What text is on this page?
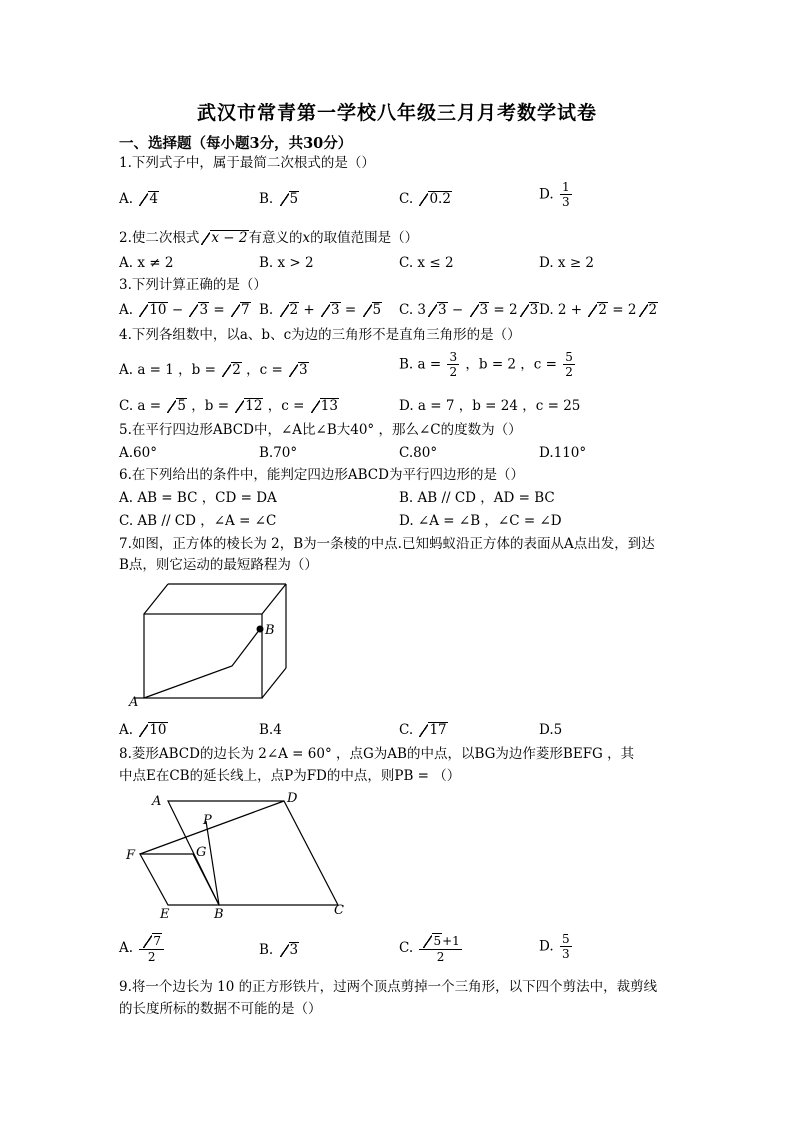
武汉市常青第一学校八年级三月月考数学试卷
一、选择题（每小题3分，共30分）
1.下列式子中，属于最简二次根式的是（）
A. 4	B. 5	C. 0.2	D. $\frac{1}{3}$
2.使二次根式 x − 2有意义的x的取值范围是（）
A. x ≠ 2	B. x > 2	C. x ≤ 2	D. x ≥ 2
3.下列计算正确的是（）
A. 10 − 3 = 7 B. 2 + 3 = 5 C. 3 3 − 3 = 2 3 D. 2 + 2 = 2 2
4.下列各组数中，以a、b、c为边的三角形不是直角三角形的是（）
A. a = 1 ，b = 2 ，c = 3	B. $a = \frac{3}{2}$ ，b = 2 ，$c = \frac{5}{2}$
C. a = 5 ，b = 12 ，c = 13	D. a = 7 ，b = 24 ，c = 25
5.在平行四边形ABCD中，∠A比∠B大40° ，那么∠C的度数为（）
A.60°	B.70°	C.80°	D.110°
6.在下列给出的条件中，能判定四边形ABCD为平行四边形的是（）
A. AB = BC ，CD = DA	B. AB // CD ，AD = BC
C. AB // CD ，∠A = ∠C	D. ∠A = ∠B ，∠C = ∠D
7.如图，正方体的棱长为 2，B为一条棱的中点.已知蚂蚁沿正方体的表面从A点出发，到达
B点，则它运动的最短路程为（）
B
A
A. 10	B.4	C. 17	D.5
8.菱形ABCD的边长为 2∠A = 60° ，点G为AB的中点，以BG为边作菱形BEFG ，其
中点E在CB的延长线上，点P为FD的中点，则PB = （）
A	D
P
F	G
E	B	C
A. $\frac{7}{2}$	B. 3	C. $\frac{5+1}{2}$	D. $\frac{5}{3}$
9.将一个边长为 10 的正方形铁片，过两个顶点剪掉一个三角形，以下四个剪法中，裁剪线
的长度所标的数据不可能的是（）
